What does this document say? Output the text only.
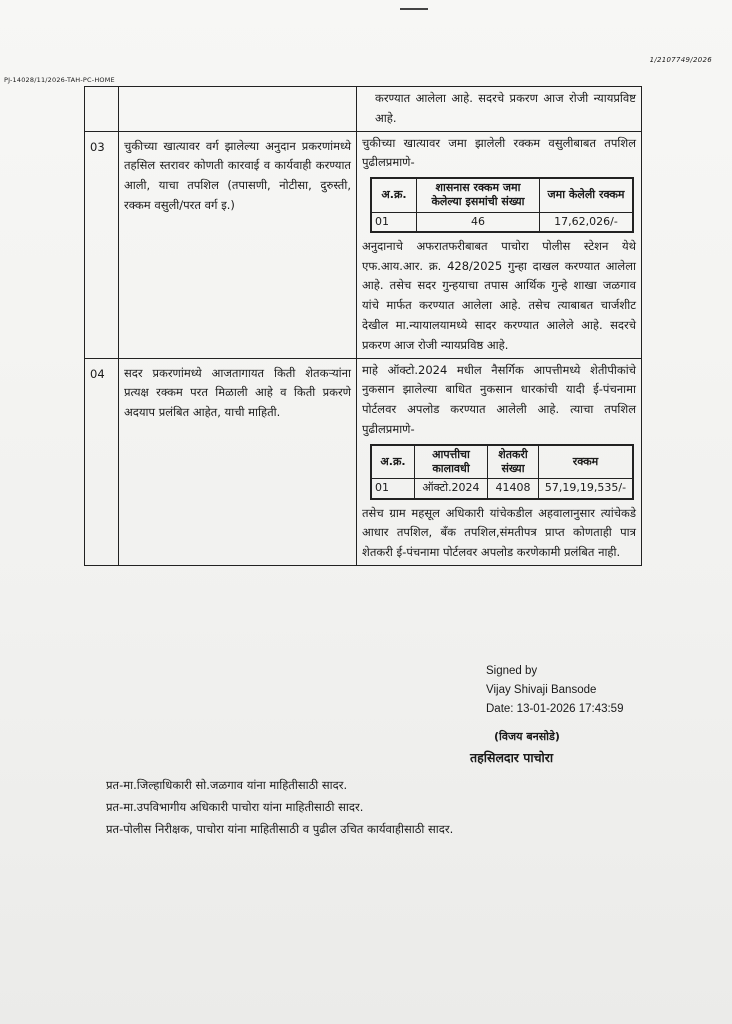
1/2107749/2026
PJ-14028/11/2026-TAH-PC-HOME
		करण्यात आलेला आहे. सदरचे प्रकरण आज रोजी न्यायप्रविष्ट आहे.
03	चुकीच्या खात्यावर वर्ग झालेल्या अनुदान प्रकरणांमध्ये तहसिल स्तरावर कोणती कारवाई व कार्यवाही करण्यात आली, याचा तपशिल (तपासणी, नोटीसा, दुरुस्ती, रक्कम वसुली/परत वर्ग इ.)	
चुकीच्या खात्यावर जमा झालेली रक्कम वसुलीबाबत तपशिल पुढीलप्रमाणे-
अ.क्र.	शासनास रक्कम जमा केलेल्या इसमांची संख्या	जमा केलेली रक्कम
01	46	17,62,026/-
अनुदानाचे अफरातफरीबाबत पाचोरा पोलीस स्टेशन येथे एफ.आय.आर. क्र. 428/2025 गुन्हा दाखल करण्यात आलेला आहे. तसेच सदर गुन्हयाचा तपास आर्थिक गुन्हे शाखा जळगाव यांचे मार्फत करण्यात आलेला आहे. तसेच त्याबाबत चार्जशीट देखील मा.न्यायालयामध्ये सादर करण्यात आलेले आहे. सदरचे प्रकरण आज रोजी न्यायप्रविष्ठ आहे.

04	सदर प्रकरणांमध्ये आजतागायत किती शेतकऱ्यांना प्रत्यक्ष रक्कम परत मिळाली आहे व किती प्रकरणे अदयाप प्रलंबित आहेत, याची माहिती.	
माहे ऑक्टो.2024 मधील नैसर्गिक आपत्तीमध्ये शेतीपीकांचे नुकसान झालेल्या बाधित नुकसान धारकांची यादी ई-पंचनामा पोर्टलवर अपलोड करण्यात आलेली आहे. त्याचा तपशिल पुढीलप्रमाणे-
अ.क्र.	आपत्तीचा कालावधी	शेतकरी संख्या	रक्कम
01	ऑक्टो.2024	41408	57,19,19,535/-
तसेच ग्राम महसूल अधिकारी यांचेकडील अहवालानुसार त्यांचेकडे आधार तपशिल, बँक तपशिल,संमतीपत्र प्राप्त कोणताही पात्र शेतकरी ई-पंचनामा पोर्टलवर अपलोड करणेकामी प्रलंबित नाही.
Signed by
Vijay Shivaji Bansode
Date: 13-01-2026 17:43:59
(विजय बनसोडे)
तहसिलदार पाचोरा
प्रत-मा.जिल्हाधिकारी सो.जळगाव यांना माहितीसाठी सादर.
प्रत-मा.उपविभागीय अधिकारी पाचोरा यांना माहितीसाठी सादर.
प्रत-पोलीस निरीक्षक, पाचोरा यांना माहितीसाठी व पुढील उचित कार्यवाहीसाठी सादर.
